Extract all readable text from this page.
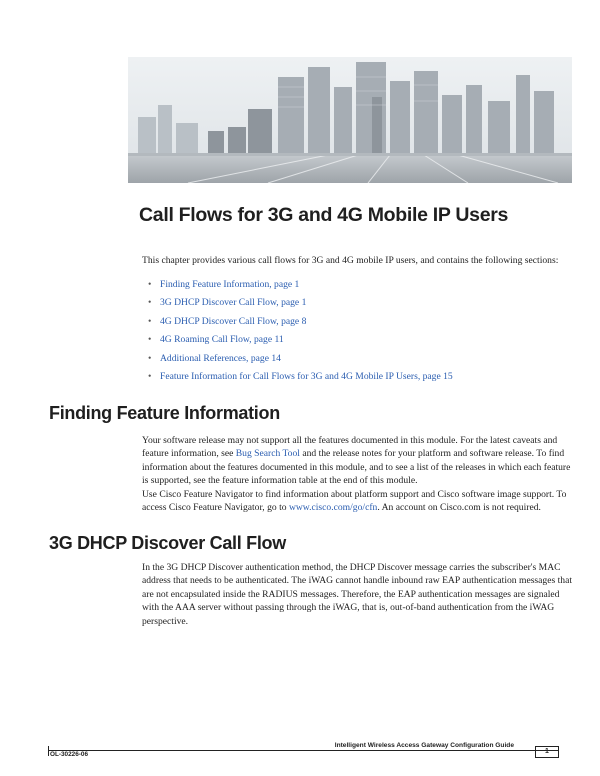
Call Flows for 3G and 4G Mobile IP Users

This chapter provides various call flows for 3G and 4G mobile IP users, and contains the following sections:

• Finding Feature Information, page 1
• 3G DHCP Discover Call Flow, page 1
• 4G DHCP Discover Call Flow, page 8
• 4G Roaming Call Flow, page 11
• Additional References, page 14
• Feature Information for Call Flows for 3G and 4G Mobile IP Users, page 15
Finding Feature Information

Your software release may not support all the features documented in this module. For the latest caveats and feature information, see Bug Search Tool and the release notes for your platform and software release. To find information about the features documented in this module, and to see a list of the releases in which each feature is supported, see the feature information table at the end of this module.

Use Cisco Feature Navigator to find information about platform support and Cisco software image support. To access Cisco Feature Navigator, go to www.cisco.com/go/cfn. An account on Cisco.com is not required.

3G DHCP Discover Call Flow

In the 3G DHCP Discover authentication method, the DHCP Discover message carries the subscriber's MAC address that needs to be authenticated. The iWAG cannot handle inbound raw EAP authentication messages that are not encapsulated inside the RADIUS messages. Therefore, the EAP authentication messages are signaled with the AAA server without passing through the iWAG, that is, out-of-band authentication from the iWAG perspective.

Intelligent Wireless Access Gateway Configuration Guide

OL-30226-06	1
